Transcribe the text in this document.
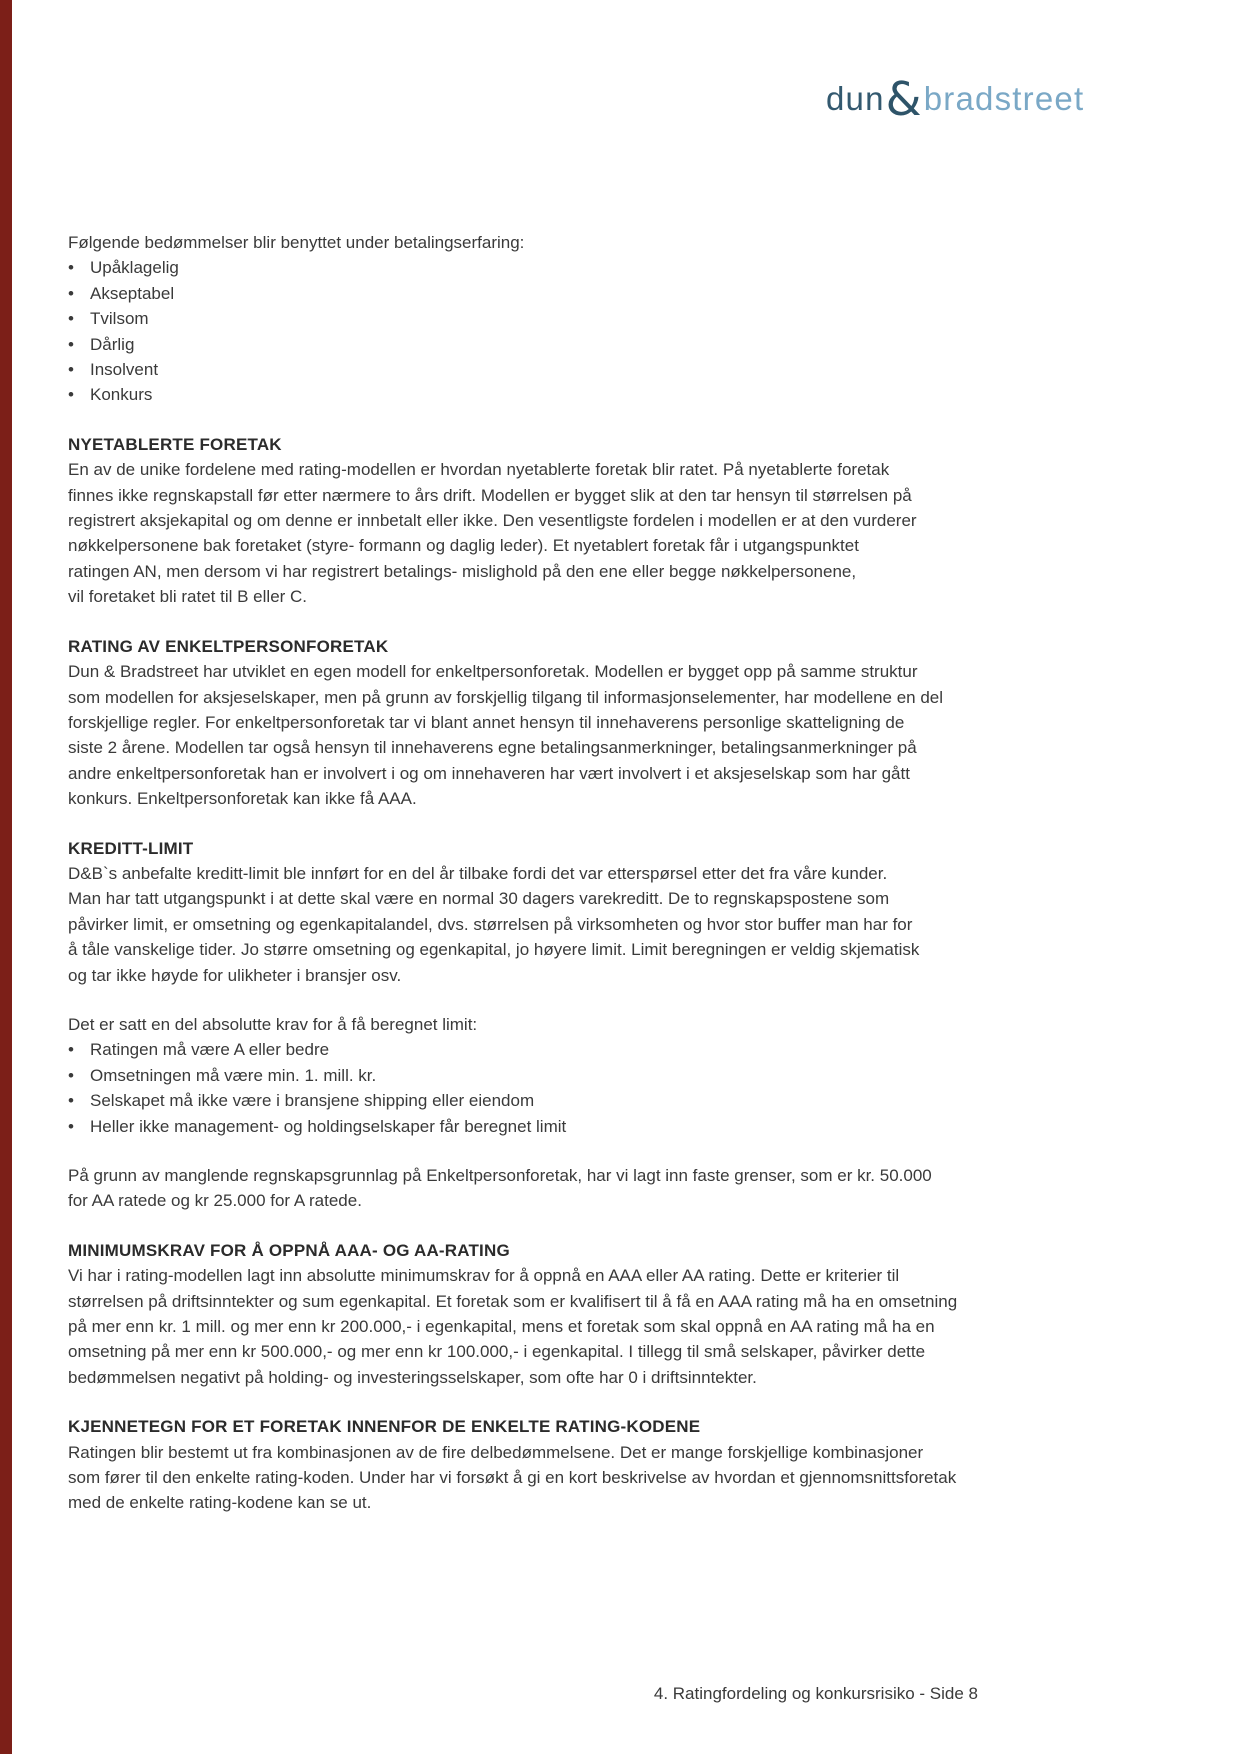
dun&bradstreet
Følgende bedømmelser blir benyttet under betalingserfaring:
• Upåklagelig
• Akseptabel
• Tvilsom
• Dårlig
• Insolvent
• Konkurs
NYETABLERTE FORETAK
En av de unike fordelene med rating-modellen er hvordan nyetablerte foretak blir ratet. På nyetablerte foretak
finnes ikke regnskapstall før etter nærmere to års drift. Modellen er bygget slik at den tar hensyn til størrelsen på
registrert aksjekapital og om denne er innbetalt eller ikke. Den vesentligste fordelen i modellen er at den vurderer
nøkkelpersonene bak foretaket (styre- formann og daglig leder). Et nyetablert foretak får i utgangspunktet
ratingen AN, men dersom vi har registrert betalings- mislighold på den ene eller begge nøkkelpersonene,
vil foretaket bli ratet til B eller C.
RATING AV ENKELTPERSONFORETAK
Dun & Bradstreet har utviklet en egen modell for enkeltpersonforetak. Modellen er bygget opp på samme struktur
som modellen for aksjeselskaper, men på grunn av forskjellig tilgang til informasjonselementer, har modellene en del
forskjellige regler. For enkeltpersonforetak tar vi blant annet hensyn til innehaverens personlige skatteligning de
siste 2 årene. Modellen tar også hensyn til innehaverens egne betalingsanmerkninger, betalingsanmerkninger på
andre enkeltpersonforetak han er involvert i og om innehaveren har vært involvert i et aksjeselskap som har gått
konkurs. Enkeltpersonforetak kan ikke få AAA.
KREDITT-LIMIT
D&B`s anbefalte kreditt-limit ble innført for en del år tilbake fordi det var etterspørsel etter det fra våre kunder.
Man har tatt utgangspunkt i at dette skal være en normal 30 dagers varekreditt. De to regnskapspostene som
påvirker limit, er omsetning og egenkapitalandel, dvs. størrelsen på virksomheten og hvor stor buffer man har for
å tåle vanskelige tider. Jo større omsetning og egenkapital, jo høyere limit. Limit beregningen er veldig skjematisk
og tar ikke høyde for ulikheter i bransjer osv.
Det er satt en del absolutte krav for å få beregnet limit:
• Ratingen må være A eller bedre
• Omsetningen må være min. 1. mill. kr.
• Selskapet må ikke være i bransjene shipping eller eiendom
• Heller ikke management- og holdingselskaper får beregnet limit
På grunn av manglende regnskapsgrunnlag på Enkeltpersonforetak, har vi lagt inn faste grenser, som er kr. 50.000
for AA ratede og kr 25.000 for A ratede.
MINIMUMSKRAV FOR Å OPPNÅ AAA- OG AA-RATING
Vi har i rating-modellen lagt inn absolutte minimumskrav for å oppnå en AAA eller AA rating. Dette er kriterier til
størrelsen på driftsinntekter og sum egenkapital. Et foretak som er kvalifisert til å få en AAA rating må ha en omsetning
på mer enn kr. 1 mill. og mer enn kr 200.000,- i egenkapital, mens et foretak som skal oppnå en AA rating må ha en
omsetning på mer enn kr 500.000,- og mer enn kr 100.000,- i egenkapital. I tillegg til små selskaper, påvirker dette
bedømmelsen negativt på holding- og investeringsselskaper, som ofte har 0 i driftsinntekter.
KJENNETEGN FOR ET FORETAK INNENFOR DE ENKELTE RATING-KODENE
Ratingen blir bestemt ut fra kombinasjonen av de fire delbedømmelsene. Det er mange forskjellige kombinasjoner
som fører til den enkelte rating-koden. Under har vi forsøkt å gi en kort beskrivelse av hvordan et gjennomsnittsforetak
med de enkelte rating-kodene kan se ut.
4. Ratingfordeling og konkursrisiko - Side 8
